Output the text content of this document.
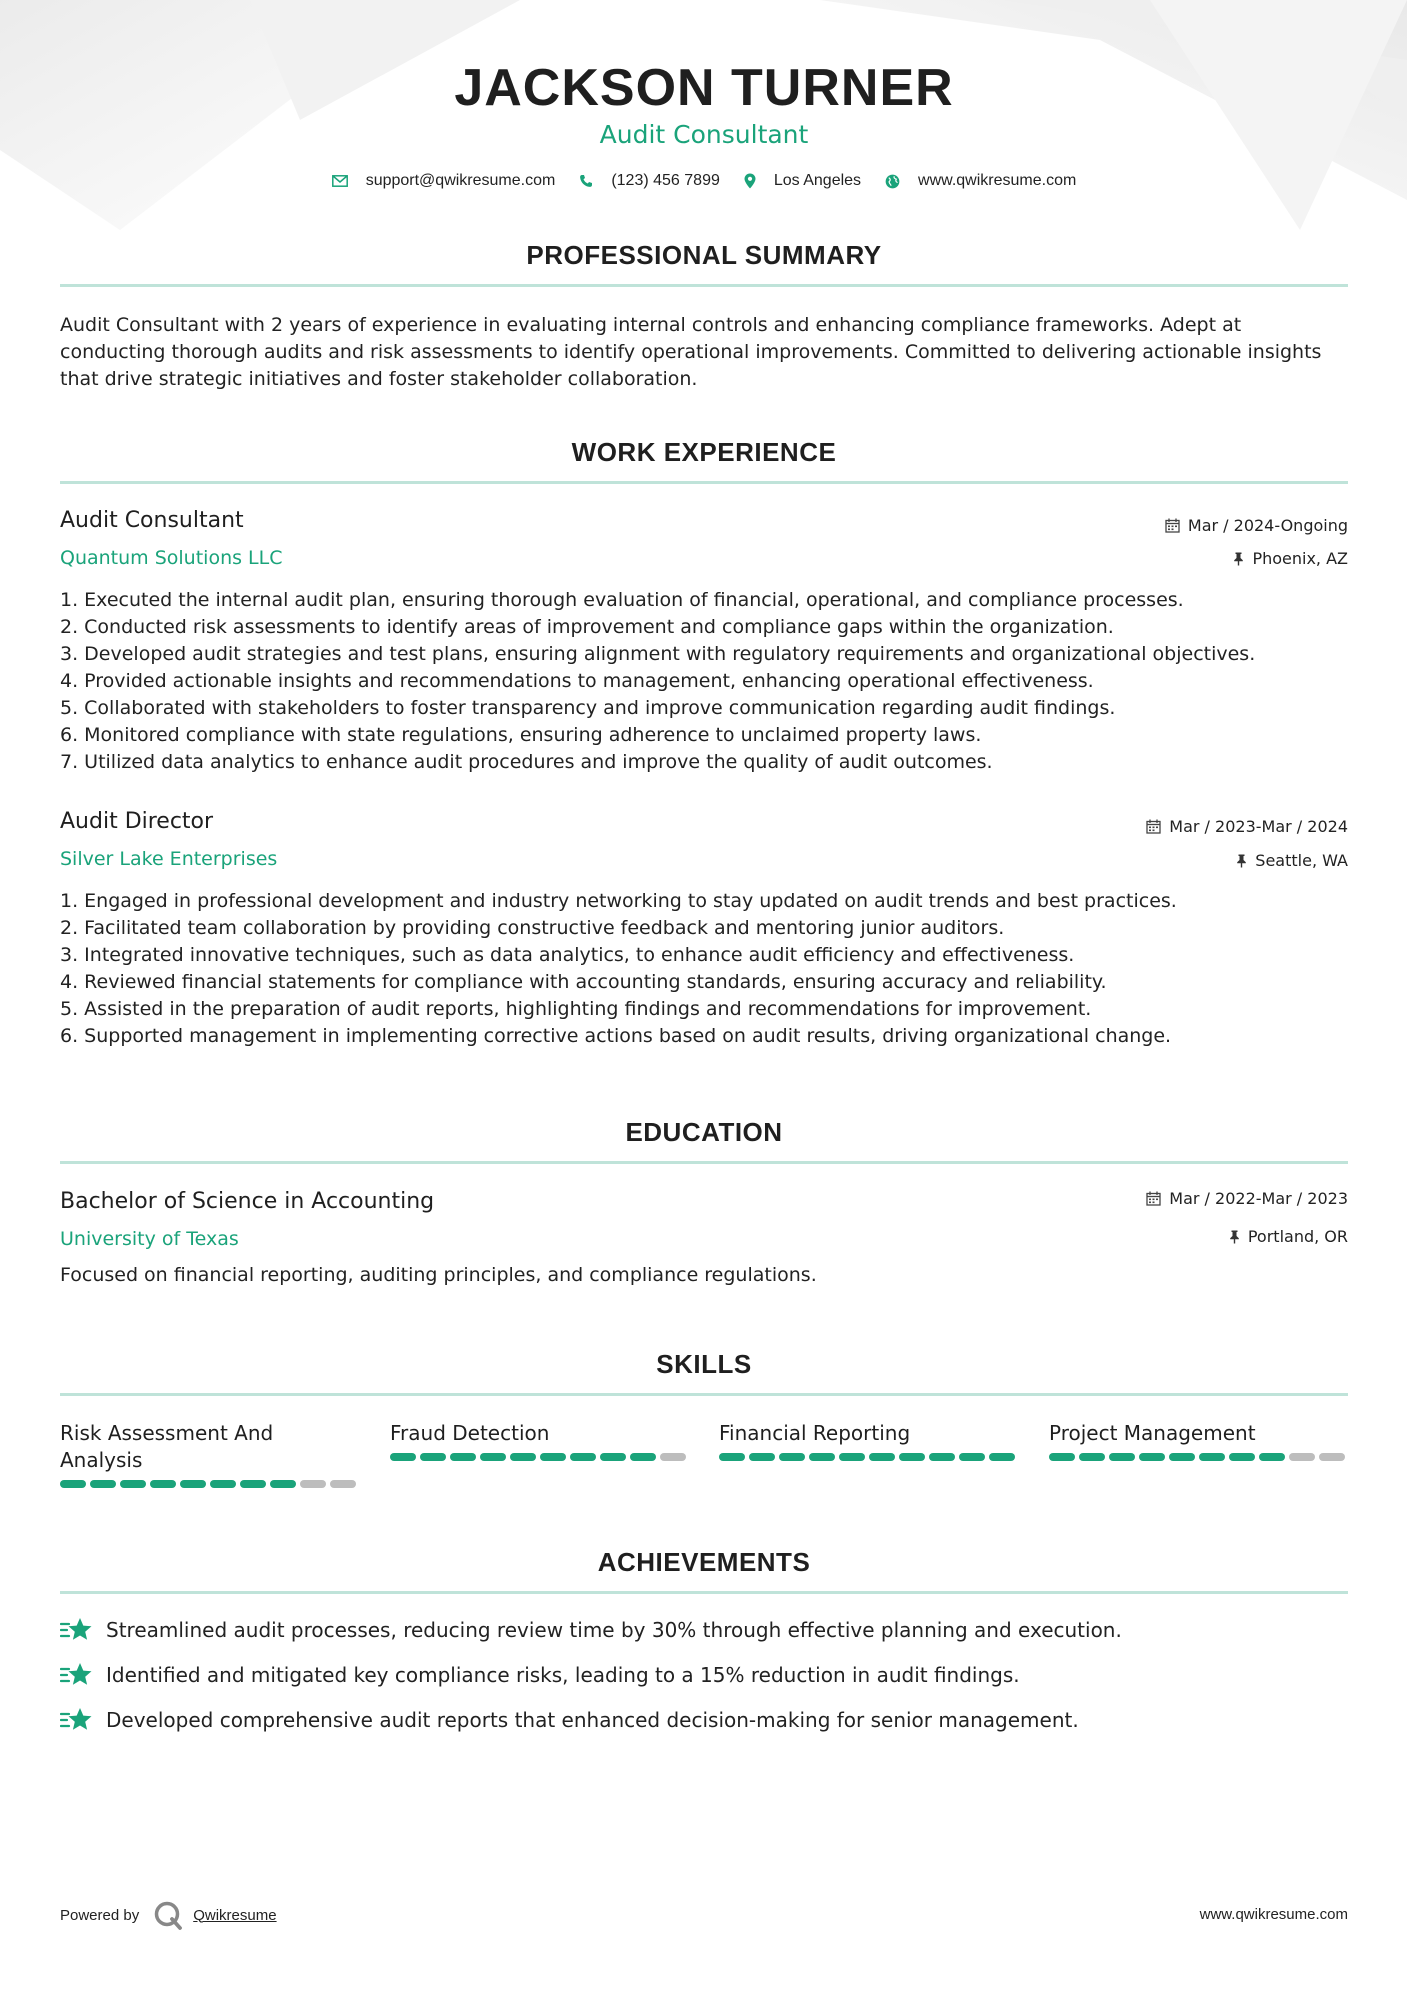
JACKSON TURNER
Audit Consultant
support@qwikresume.com	(123) 456 7899	Los Angeles	www.qwikresume.com
PROFESSIONAL SUMMARY
Audit Consultant with 2 years of experience in evaluating internal controls and enhancing compliance frameworks. Adept at conducting thorough audits and risk assessments to identify operational improvements. Committed to delivering actionable insights that drive strategic initiatives and foster stakeholder collaboration.
WORK EXPERIENCE
Audit Consultant	Mar / 2024-Ongoing
Quantum Solutions LLC	Phoenix, AZ
1. Executed the internal audit plan, ensuring thorough evaluation of financial, operational, and compliance processes.
2. Conducted risk assessments to identify areas of improvement and compliance gaps within the organization.
3. Developed audit strategies and test plans, ensuring alignment with regulatory requirements and organizational objectives.
4. Provided actionable insights and recommendations to management, enhancing operational effectiveness.
5. Collaborated with stakeholders to foster transparency and improve communication regarding audit findings.
6. Monitored compliance with state regulations, ensuring adherence to unclaimed property laws.
7. Utilized data analytics to enhance audit procedures and improve the quality of audit outcomes.
Audit Director	Mar / 2023-Mar / 2024
Silver Lake Enterprises	Seattle, WA
1. Engaged in professional development and industry networking to stay updated on audit trends and best practices.
2. Facilitated team collaboration by providing constructive feedback and mentoring junior auditors.
3. Integrated innovative techniques, such as data analytics, to enhance audit efficiency and effectiveness.
4. Reviewed financial statements for compliance with accounting standards, ensuring accuracy and reliability.
5. Assisted in the preparation of audit reports, highlighting findings and recommendations for improvement.
6. Supported management in implementing corrective actions based on audit results, driving organizational change.
EDUCATION
Bachelor of Science in Accounting	Mar / 2022-Mar / 2023
University of Texas	Portland, OR
Focused on financial reporting, auditing principles, and compliance regulations.
SKILLS
Risk Assessment And Analysis
Fraud Detection	Financial Reporting	Project Management
ACHIEVEMENTS
Streamlined audit processes, reducing review time by 30% through effective planning and execution.
Identified and mitigated key compliance risks, leading to a 15% reduction in audit findings.
Developed comprehensive audit reports that enhanced decision-making for senior management.
Powered by	Qwikresume	www.qwikresume.com
